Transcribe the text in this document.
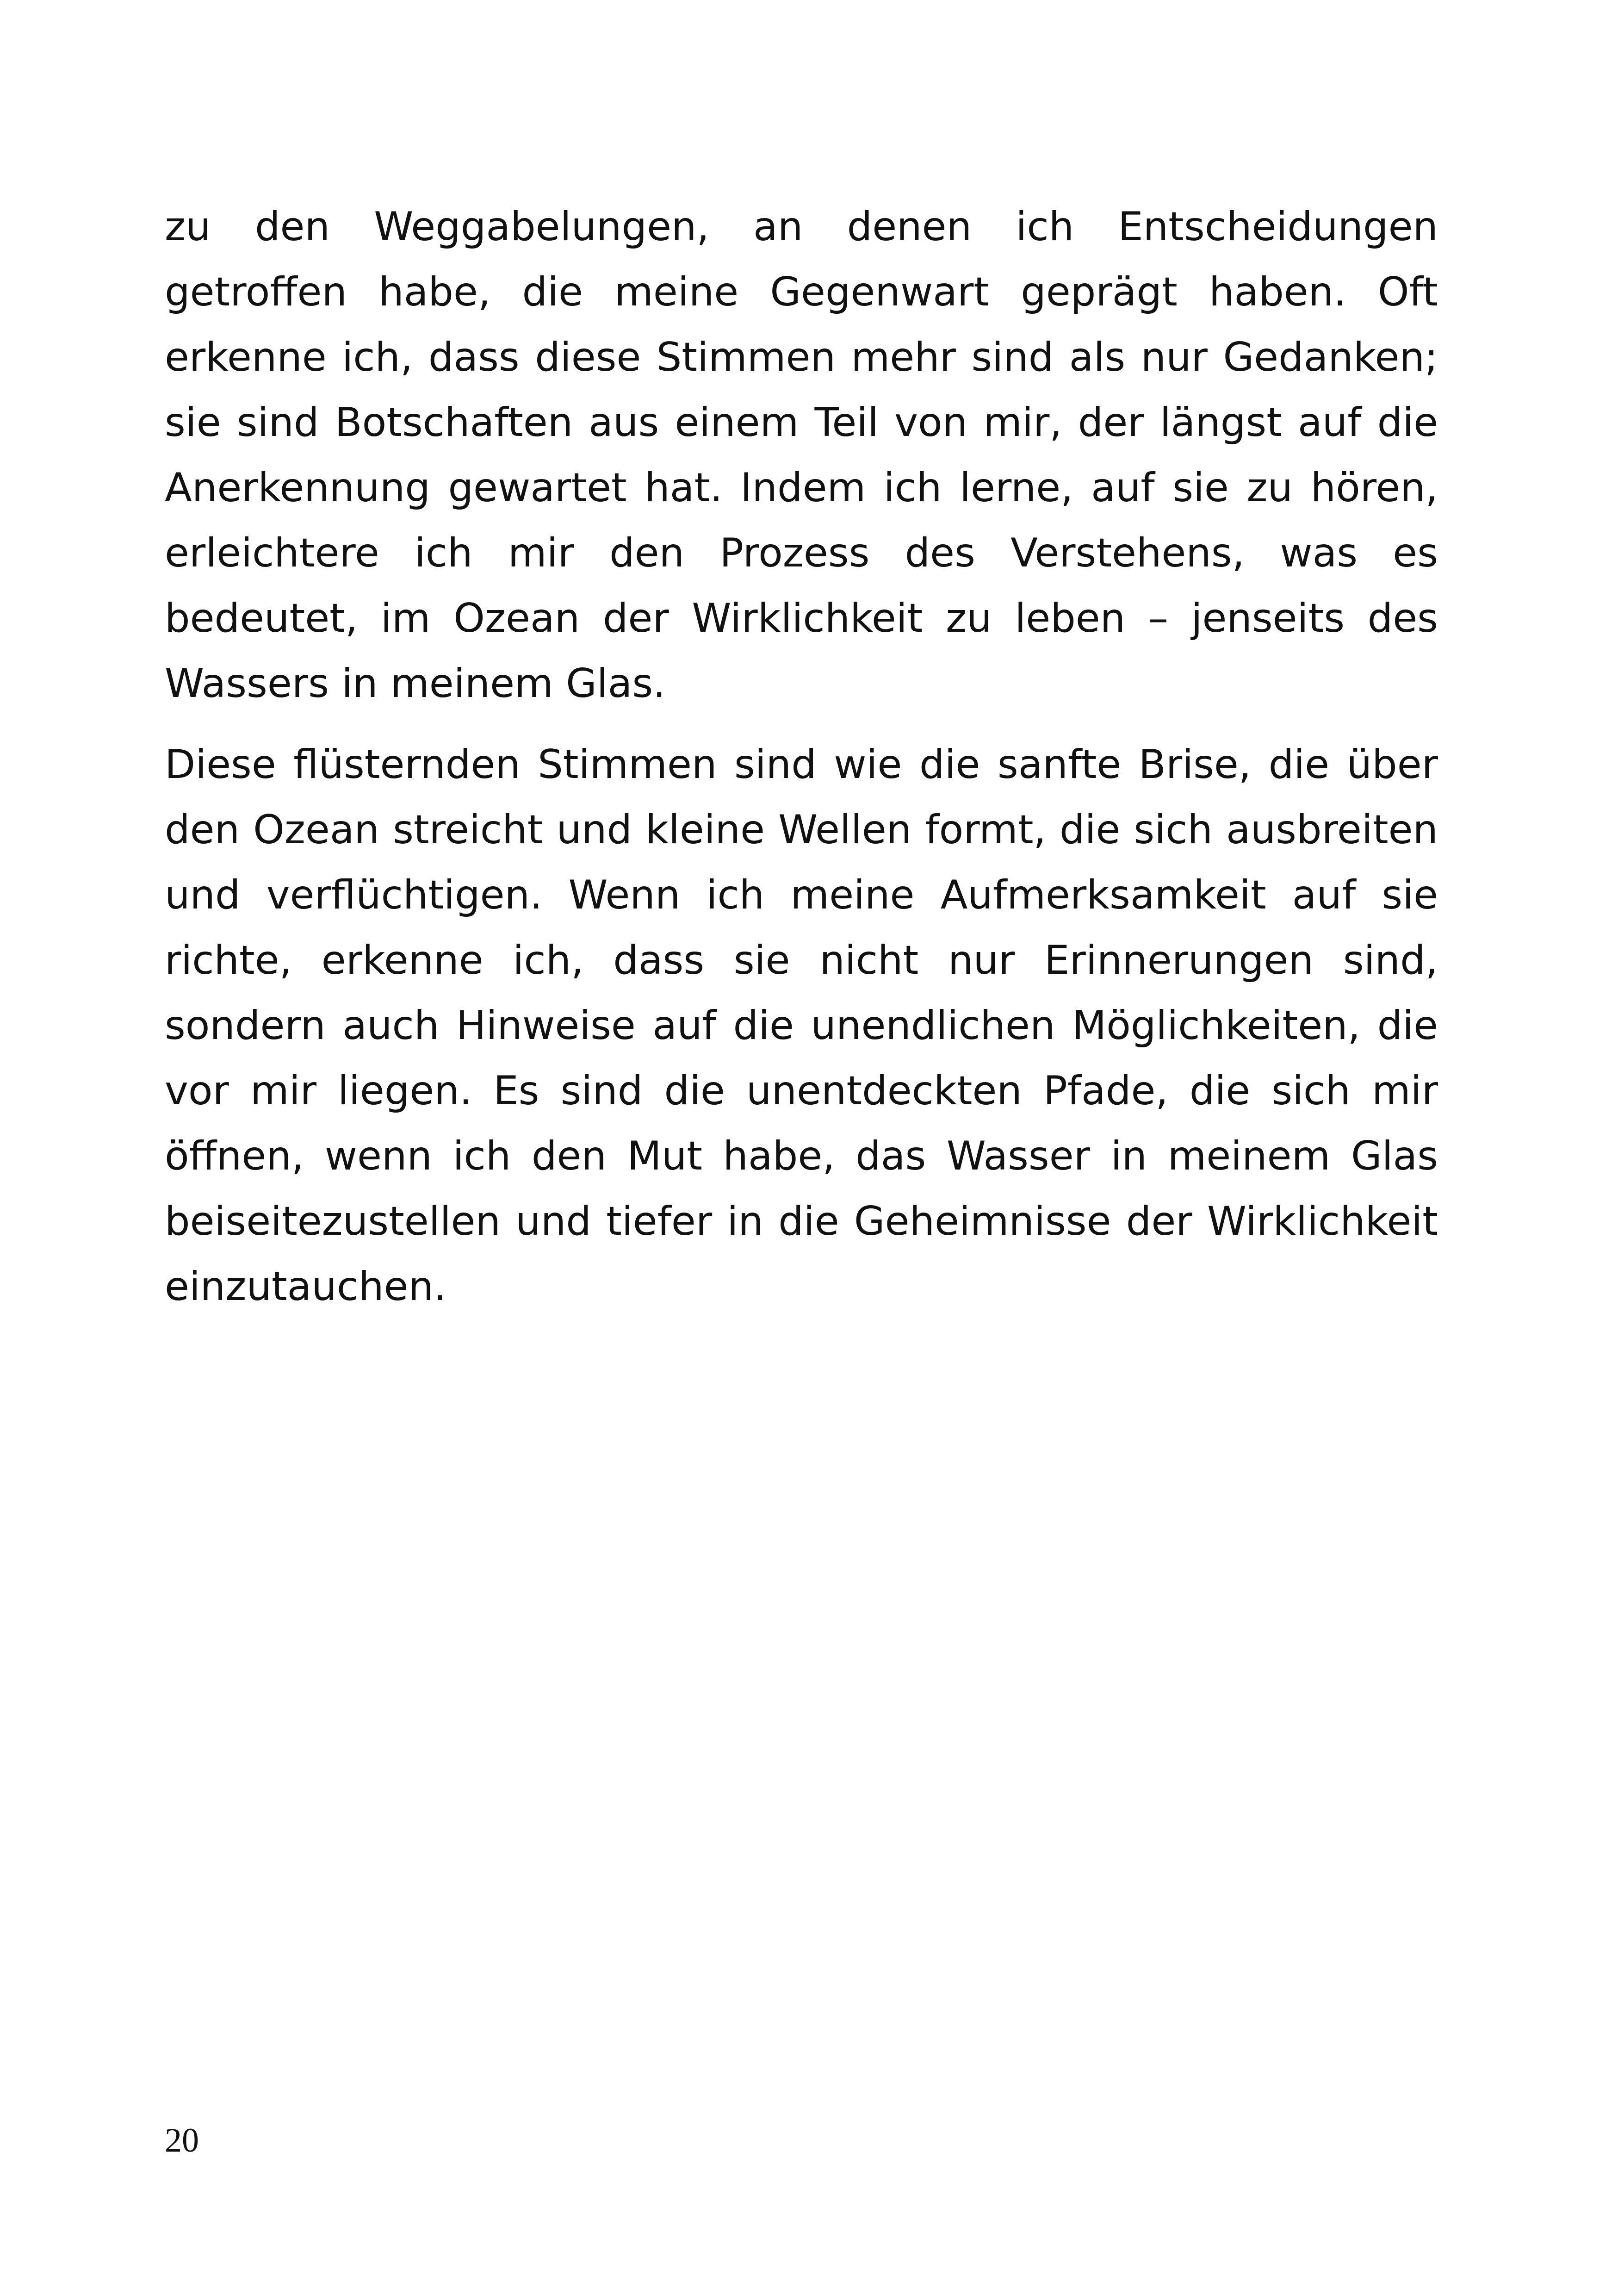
zu den Weggabelungen, an denen ich Entscheidungen getroffen habe, die meine Gegenwart geprägt haben. Oft erkenne ich, dass diese Stimmen mehr sind als nur Gedanken; sie sind Botschaften aus einem Teil von mir, der längst auf die Anerkennung gewartet hat. Indem ich lerne, auf sie zu hören, erleichtere ich mir den Prozess des Verstehens, was es bedeutet, im Ozean der Wirklichkeit zu leben – jenseits des Wassers in meinem Glas.

Diese flüsternden Stimmen sind wie die sanfte Brise, die über den Ozean streicht und kleine Wellen formt, die sich ausbreiten und verflüchtigen. Wenn ich meine Aufmerksamkeit auf sie richte, erkenne ich, dass sie nicht nur Erinnerungen sind, sondern auch Hinweise auf die unendlichen Möglichkeiten, die vor mir liegen. Es sind die unentdeckten Pfade, die sich mir öffnen, wenn ich den Mut habe, das Wasser in meinem Glas beiseitezustellen und tiefer in die Geheimnisse der Wirklichkeit einzutauchen.

20
